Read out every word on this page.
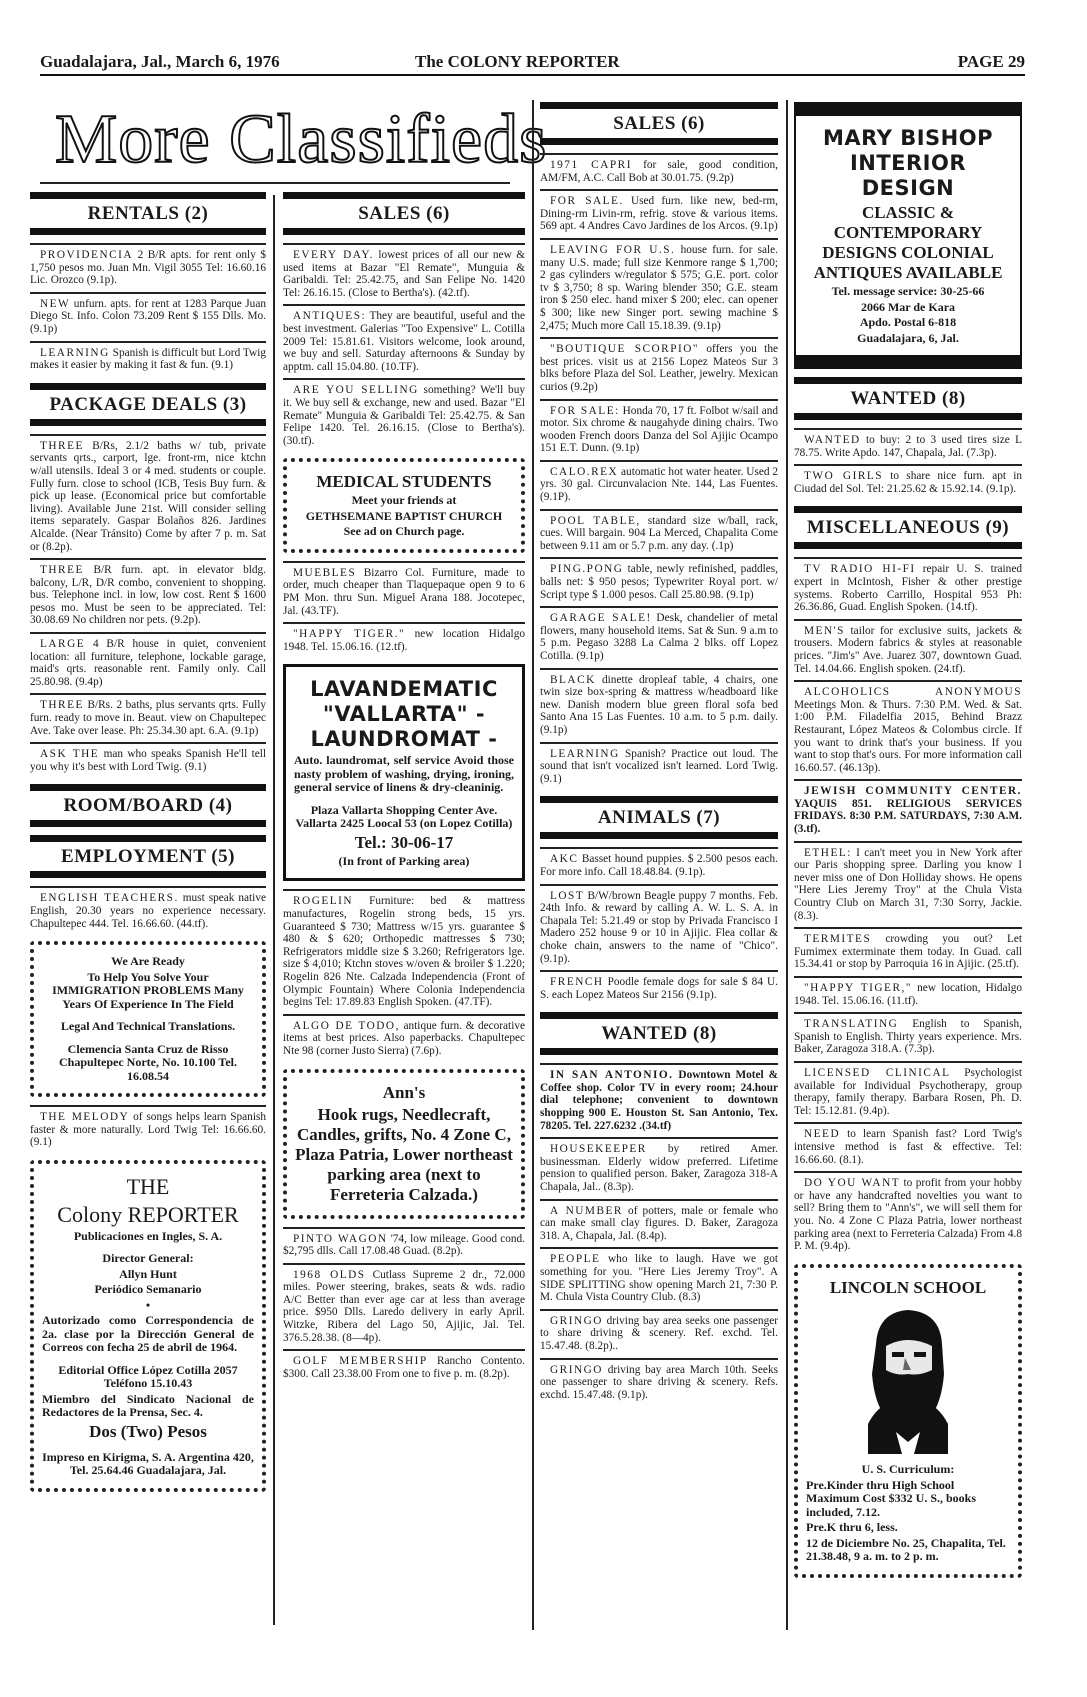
Guadalajara, Jal., March 6, 1976	The COLONY REPORTER	PAGE 29
More Classifieds
RENTALS (2)

PROVIDENCIA 2 B/R apts. for rent only $ 1,750 pesos mo. Juan Mn. Vigil 3055 Tel: 16.60.16 Lic. Orozco (9.1p).

NEW unfurn. apts. for rent at 1283 Parque Juan Diego St. Info. Colon 73.209 Rent $ 155 Dlls. Mo. (9.1p)

LEARNING Spanish is difficult but Lord Twig makes it easier by making it fast & fun. (9.1)

PACKAGE DEALS (3)

THREE B/Rs, 2.1/2 baths w/ tub, private servants qrts., carport, lge. front-rm, nice ktchn w/all utensils. Ideal 3 or 4 med. students or couple. Fully furn. close to school (ICB, Tesis Buy furn. & pick up lease. (Economical price but comfortable living). Available June 21st. Will consider selling items separately. Gaspar Bolaños 826. Jardines Alcalde. (Near Tránsito) Come by after 7 p. m. Sat or (8.2p).

THREE B/R furn. apt. in elevator bldg. balcony, L/R, D/R combo, convenient to shopping. bus. Telephone incl. in low, low cost. Rent $ 1600 pesos mo. Must be seen to be appreciated. Tel: 30.08.69 No children nor pets. (9.2p).

LARGE 4 B/R house in quiet, convenient location: all furniture, telephone, lockable garage, maid's qrts. reasonable rent. Family only. Call 25.80.98. (9.4p)

THREE B/Rs. 2 baths, plus servants qrts. Fully furn. ready to move in. Beaut. view on Chapultepec Ave. Take over lease. Ph: 25.34.30 apt. 6.A. (9.1p)

ASK THE man who speaks Spanish He'll tell you why it's best with Lord Twig. (9.1)

ROOM/BOARD (4)
EMPLOYMENT (5)

ENGLISH TEACHERS. must speak native English, 20.30 years no experience necessary. Chapultepec 444. Tel. 16.66.60. (44.tf).

We Are Ready
To Help You Solve Your IMMIGRATION PROBLEMS Many Years Of Experience In The Field
Legal And Technical Translations.
Clemencia Santa Cruz de Risso Chapultepec Norte, No. 10.100 Tel. 16.08.54

THE MELODY of songs helps learn Spanish faster & more naturally. Lord Twig Tel: 16.66.60. (9.1)

THE
Colony REPORTER
Publicaciones en Ingles, S. A.
Director General:
Allyn Hunt
Periódico Semanario
•
Autorizado como Correspondencia de 2a. clase por la Dirección General de Correos con fecha 25 de abril de 1964.
Editorial Office López Cotilla 2057 Teléfono 15.10.43
Miembro del Sindicato Nacional de Redactores de la Prensa, Sec. 4.
Dos (Two) Pesos
Impreso en Kirigma, S. A. Argentina 420, Tel. 25.64.46 Guadalajara, Jal.
SALES (6)

EVERY DAY. lowest prices of all our new & used items at Bazar "El Remate", Munguia & Garibaldi. Tel: 25.42.75, and San Felipe No. 1420 Tel: 26.16.15. (Close to Bertha's). (42.tf).

ANTIQUES: They are beautiful, useful and the best investment. Galerias "Too Expensive" L. Cotilla 2009 Tel: 15.81.61. Visitors welcome, look around, we buy and sell. Saturday afternoons & Sunday by apptm. call 15.04.80. (10.TF).

ARE YOU SELLING something? We'll buy it. We buy sell & exchange, new and used. Bazar "El Remate" Munguia & Garibaldi Tel: 25.42.75. & San Felipe 1420. Tel. 26.16.15. (Close to Bertha's). (30.tf).

MEDICAL STUDENTS
Meet your friends at
GETHSEMANE BAPTIST CHURCH
See ad on Church page.

MUEBLES Bizarro Col. Furniture, made to order, much cheaper than Tlaquepaque open 9 to 6 PM Mon. thru Sun. Miguel Arana 188. Jocotepec, Jal. (43.TF).

"HAPPY TIGER." new location Hidalgo 1948. Tel. 15.06.16. (12.tf).

LAVANDEMATIC "VALLARTA" - LAUNDROMAT -
Auto. laundromat, self service Avoid those nasty problem of washing, drying, ironing, general service of linens & dry-cleaninig.
Plaza Vallarta Shopping Center Ave. Vallarta 2425 Loocal 53 (on Lopez Cotilla)
Tel.: 30-06-17
(In front of Parking area)

ROGELIN Furniture: bed & mattress manufactures, Rogelin strong beds, 15 yrs. Guaranteed $ 730; Mattress w/15 yrs. guarantee $ 480 & $ 620; Orthopedic mattresses $ 730; Refrigerators middle size $ 3.260; Refrigerators lge. size $ 4,010; Ktchn stoves w/oven & broiler $ 1.220; Rogelin 826 Nte. Calzada Independencia (Front of Olympic Fountain) Where Colonia Independencia begins Tel: 17.89.83 English Spoken. (47.TF).

ALGO DE TODO, antique furn. & decorative items at best prices. Also paperbacks. Chapultepec Nte 98 (corner Justo Sierra) (7.6p).

Ann's
Hook rugs, Needlecraft, Candles, grifts, No. 4 Zone C, Plaza Patria, Lower northeast parking area (next to Ferreteria Calzada.)

PINTO WAGON '74, low mileage. Good cond. $2,795 dlls. Call 17.08.48 Guad. (8.2p).

1968 OLDS Cutlass Supreme 2 dr., 72.000 miles. Power steering, brakes, seats & wds. radio A/C Better than ever age car at less than average price. $950 Dlls. Laredo delivery in early April. Witzke, Ribera del Lago 50, Ajijic, Jal. Tel. 376.5.28.38. (8—4p).

GOLF MEMBERSHIP Rancho Contento. $300. Call 23.38.00 From one to five p. m. (8.2p).

SALES (6)

1971 CAPRI for sale, good condition, AM/FM, A.C. Call Bob at 30.01.75. (9.2p)

FOR SALE. Used furn. like new, bed-rm, Dining-rm Livin-rm, refrig. stove & various items. 569 apt. 4 Andres Cavo Jardines de los Arcos. (9.1p)

LEAVING FOR U.S. house furn. for sale. many U.S. made; full size Kenmore range $ 1,700; 2 gas cylinders w/regulator $ 575; G.E. port. color tv $ 3,750; 8 sp. Waring blender 350; G.E. steam iron $ 250 elec. hand mixer $ 200; elec. can opener $ 300; like new Singer port. sewing machine $ 2,475; Much more Call 15.18.39. (9.1p)

"BOUTIQUE SCORPIO" offers you the best prices. visit us at 2156 Lopez Mateos Sur 3 blks before Plaza del Sol. Leather, jewelry. Mexican curios (9.2p)

FOR SALE: Honda 70, 17 ft. Folbot w/sail and motor. Six chrome & naugahyde dining chairs. Two wooden French doors Danza del Sol Ajijic Ocampo 151 E.T. Dunn. (9.1p)

CALO.REX automatic hot water heater. Used 2 yrs. 30 gal. Circunvalacion Nte. 144, Las Fuentes. (9.1P).

POOL TABLE, standard size w/ball, rack, cues. Will bargain. 904 La Merced, Chapalita Come between 9.11 am or 5.7 p.m. any day. (.1p)

PING.PONG table, newly refinished, paddles, balls net: $ 950 pesos; Typewriter Royal port. w/ Script type $ 1.000 pesos. Call 25.80.98. (9.1p)

GARAGE SALE! Desk, chandelier of metal flowers, many household items. Sat & Sun. 9 a.m to 5 p.m. Pegaso 3288 La Calma 2 blks. off Lopez Cotilla. (9.1p)

BLACK dinette dropleaf table, 4 chairs, one twin size box-spring & mattress w/headboard like new. Danish modern blue green floral sofa bed Santo Ana 15 Las Fuentes. 10 a.m. to 5 p.m. daily. (9.1p)

LEARNING Spanish? Practice out loud. The sound that isn't vocalized isn't learned. Lord Twig. (9.1)

ANIMALS (7)

AKC Basset hound puppies. $ 2.500 pesos each. For more info. Call 18.48.84. (9.1p).

LOST B/W/brown Beagle puppy 7 months. Feb. 24th Info. & reward by calling A. W. L. S. A. in Chapala Tel: 5.21.49 or stop by Privada Francisco I Madero 252 house 9 or 10 in Ajijic. Flea collar & choke chain, answers to the name of "Chico". (9.1p).

FRENCH Poodle female dogs for sale $ 84 U. S. each Lopez Mateos Sur 2156 (9.1p).

WANTED (8)

IN SAN ANTONIO. Downtown Motel & Coffee shop. Color TV in every room; 24.hour dial telephone; convenient to downtown shopping 900 E. Houston St. San Antonio, Tex. 78205. Tel. 227.6232 .(34.tf)

HOUSEKEEPER by retired Amer. businessman. Elderly widow preferred. Lifetime pension to qualified person. Baker, Zaragoza 318-A Chapala, Jal.. (8.3p).

A NUMBER of potters, male or female who can make small clay figures. D. Baker, Zaragoza 318. A, Chapala, Jal. (8.4p).

PEOPLE who like to laugh. Have we got something for you. "Here Lies Jeremy Troy". A SIDE SPLITTING show opening March 21, 7:30 P. M. Chula Vista Country Club. (8.3)

GRINGO driving bay area seeks one passenger to share driving & scenery. Ref. exchd. Tel. 15.47.48. (8.2p)..

GRINGO driving bay area March 10th. Seeks one passenger to share driving & scenery. Refs. exchd. 15.47.48. (9.1p).

MARY BISHOP INTERIOR DESIGN
CLASSIC & CONTEMPORARY DESIGNS COLONIAL ANTIQUES AVAILABLE
Tel. message service: 30-25-66
2066 Mar de Kara
Apdo. Postal 6-818
Guadalajara, 6, Jal.
WANTED (8)

WANTED to buy: 2 to 3 used tires size L 78.75. Write Apdo. 147, Chapala, Jal. (7.3p).

TWO GIRLS to share nice furn. apt in Ciudad del Sol. Tel: 21.25.62 & 15.92.14. (9.1p).

MISCELLANEOUS (9)

TV RADIO HI-FI repair U. S. trained expert in McIntosh, Fisher & other prestige systems. Roberto Carrillo, Hospital 953 Ph: 26.36.86, Guad. English Spoken. (14.tf).

MEN'S tailor for exclusive suits, jackets & trousers. Modern fabrics & styles at reasonable prices. "Jim's" Ave. Juarez 307, downtown Guad. Tel. 14.04.66. English spoken. (24.tf).

ALCOHOLICS ANONYMOUS Meetings Mon. & Thurs. 7:30 P.M. Wed. & Sat. 1:00 P.M. Filadelfia 2015, Behind Brazz Restaurant, López Mateos & Colombus circle. If you want to drink that's your business. If you want to stop that's ours. For more information call 16.60.57. (46.13p).

JEWISH COMMUNITY CENTER. YAQUIS 851. RELIGIOUS SERVICES FRIDAYS. 8:30 P.M. SATURDAYS, 7:30 A.M. (3.tf).

ETHEL: I can't meet you in New York after our Paris shopping spree. Darling you know I never miss one of Don Holliday shows. He opens "Here Lies Jeremy Troy" at the Chula Vista Country Club on March 31, 7:30 Sorry, Jackie. (8.3).

TERMITES crowding you out? Let Fumimex exterminate them today. In Guad. call 15.34.41 or stop by Parroquia 16 in Ajijic. (25.tf).

"HAPPY TIGER," new location, Hidalgo 1948. Tel. 15.06.16. (11.tf).

TRANSLATING English to Spanish, Spanish to English. Thirty years experience. Mrs. Baker, Zaragoza 318.A. (7.3p).

LICENSED CLINICAL Psychologist available for Individual Psychotherapy, group therapy, family therapy. Barbara Rosen, Ph. D. Tel: 15.12.81. (9.4p).

NEED to learn Spanish fast? Lord Twig's intensive method is fast & effective. Tel: 16.66.60. (8.1).

DO YOU WANT to profit from your hobby or have any handcrafted novelties you want to sell? Bring them to "Ann's", we will sell them for you. No. 4 Zone C Plaza Patria, lower northeast parking area (next to Ferreteria Calzada) From 4.8 P. M. (9.4p).

LINCOLN SCHOOL
U. S. Curriculum:
Pre.Kinder thru High School Maximum Cost $332 U. S., books included, 7.12.
Pre.K thru 6, less.
12 de Diciembre No. 25, Chapalita, Tel. 21.38.48, 9 a. m. to 2 p. m.
